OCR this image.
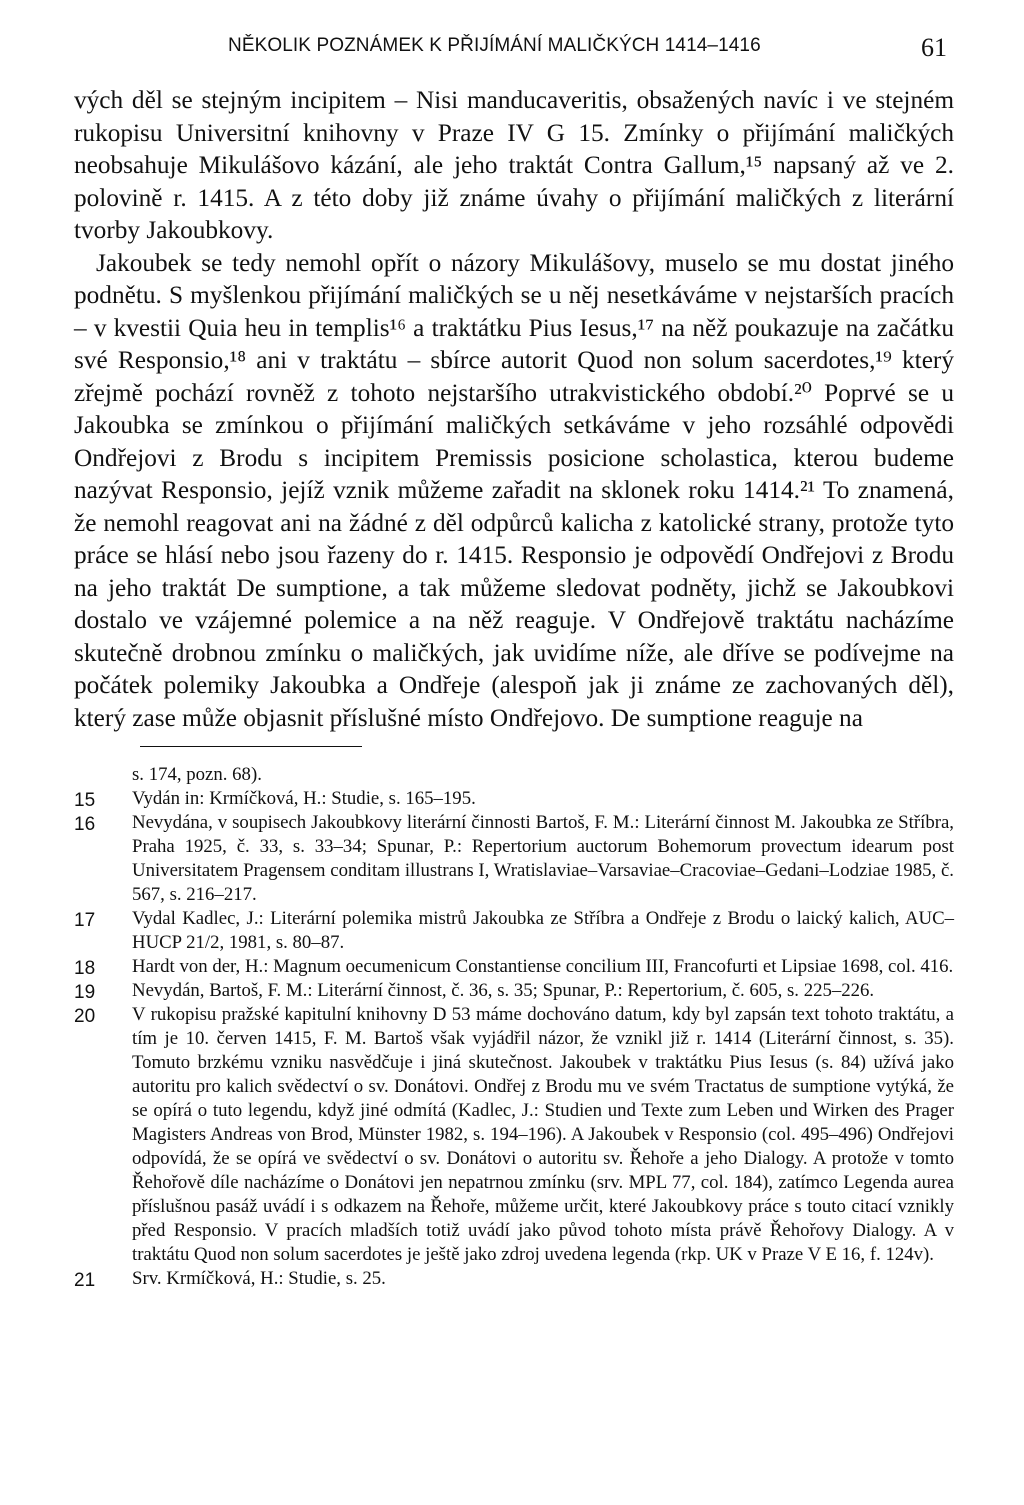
NĚKOLIK POZNÁMEK K PŘIJÍMÁNÍ MALIČKÝCH 1414–1416	61

vých děl se stejným incipitem – Nisi manducaveritis, obsažených navíc i ve stejném rukopisu Universitní knihovny v Praze IV G 15. Zmínky o přijímání maličkých neobsahuje Mikulášovo kázání, ale jeho traktát Contra Gallum,¹⁵ napsaný až ve 2. polovině r. 1415. A z této doby již známe úvahy o přijímání maličkých z literární tvorby Jakoubkovy.

Jakoubek se tedy nemohl opřít o názory Mikulášovy, muselo se mu dostat jiného podnětu. S myšlenkou přijímání maličkých se u něj nesetkáváme v nejstarších pracích – v kvestii Quia heu in templis¹⁶ a traktátku Pius Iesus,¹⁷ na něž poukazuje na začátku své Responsio,¹⁸ ani v traktátu – sbírce autorit Quod non solum sacerdotes,¹⁹ který zřejmě pochází rovněž z tohoto nejstaršího utrakvistického období.²⁰ Poprvé se u Jakoubka se zmínkou o přijímání maličkých setkáváme v jeho rozsáhlé odpovědi Ondřejovi z Brodu s incipitem Premissis posicione scholastica, kterou budeme nazývat Responsio, jejíž vznik můžeme zařadit na sklonek roku 1414.²¹ To znamená, že nemohl reagovat ani na žádné z děl odpůrců kalicha z katolické strany, protože tyto práce se hlásí nebo jsou řazeny do r. 1415. Responsio je odpovědí Ondřejovi z Brodu na jeho traktát De sumptione, a tak můžeme sledovat podněty, jichž se Jakoubkovi dostalo ve vzájemné polemice a na něž reaguje. V Ondřejově traktátu nacházíme skutečně drobnou zmínku o maličkých, jak uvidíme níže, ale dříve se podívejme na počátek polemiky Jakoubka a Ondřeje (alespoň jak ji známe ze zachovaných děl), který zase může objasnit příslušné místo Ondřejovo. De sumptione reaguje na

s. 174, pozn. 68).
15 Vydán in: Krmíčková, H.: Studie, s. 165–195.
16 Nevydána, v soupisech Jakoubkovy literární činnosti Bartoš, F. M.: Literární činnost M. Jakoubka ze Stříbra, Praha 1925, č. 33, s. 33–34; Spunar, P.: Repertorium auctorum Bohemorum provectum idearum post Universitatem Pragensem conditam illustrans I, Wratislaviae–Varsaviae–Cracoviae–Gedani–Lodziae 1985, č. 567, s. 216–217.
17 Vydal Kadlec, J.: Literární polemika mistrů Jakoubka ze Stříbra a Ondřeje z Brodu o laický kalich, AUC–HUCP 21/2, 1981, s. 80–87.
18 Hardt von der, H.: Magnum oecumenicum Constantiense concilium III, Francofurti et Lipsiae 1698, col. 416.
19 Nevydán, Bartoš, F. M.: Literární činnost, č. 36, s. 35; Spunar, P.: Repertorium, č. 605, s. 225–226.
20 V rukopisu pražské kapitulní knihovny D 53 máme dochováno datum, kdy byl zapsán text tohoto traktátu, a tím je 10. červen 1415, F. M. Bartoš však vyjádřil názor, že vznikl již r. 1414 (Literární činnost, s. 35). Tomuto brzkému vzniku nasvědčuje i jiná skutečnost. Jakoubek v traktátku Pius Iesus (s. 84) užívá jako autoritu pro kalich svědectví o sv. Donátovi. Ondřej z Brodu mu ve svém Tractatus de sumptione vytýká, že se opírá o tuto legendu, když jiné odmítá (Kadlec, J.: Studien und Texte zum Leben und Wirken des Prager Magisters Andreas von Brod, Münster 1982, s. 194–196). A Jakoubek v Responsio (col. 495–496) Ondřejovi odpovídá, že se opírá ve svědectví o sv. Donátovi o autoritu sv. Řehoře a jeho Dialogy. A protože v tomto Řehořově díle nacházíme o Donátovi jen nepatrnou zmínku (srv. MPL 77, col. 184), zatímco Legenda aurea příslušnou pasáž uvádí i s odkazem na Řehoře, můžeme určit, které Jakoubkovy práce s touto citací vznikly před Responsio. V pracích mladších totiž uvádí jako původ tohoto místa právě Řehořovy Dialogy. A v traktátu Quod non solum sacerdotes je ještě jako zdroj uvedena legenda (rkp. UK v Praze V E 16, f. 124v).
21 Srv. Krmíčková, H.: Studie, s. 25.
